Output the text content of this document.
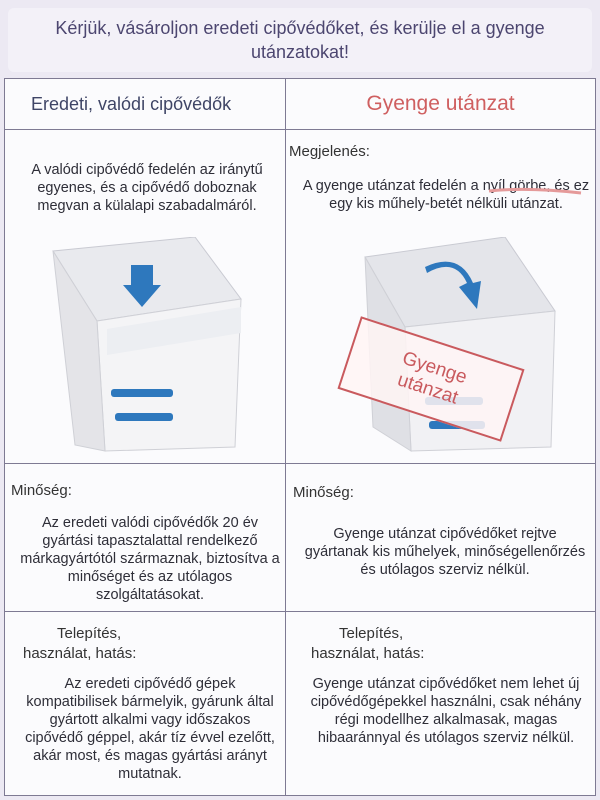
Kérjük, vásároljon eredeti cipővédőket, és kerülje el a gyenge utánzatokat!
Eredeti, valódi cipővédők	Gyenge utánzat
A valódi cipővédő fedelén az iránytű egyenes, és a cipővédő doboznak megvan a külalapi szabadalmáról.
Megjelenés:
A gyenge utánzat fedelén a nyíl görbe, és ez egy kis műhely-betét nélküli utánzat.
Gyenge utánzat
Minőség:
Az eredeti valódi cipővédők 20 év gyártási tapasztalattal rendelkező márkagyártótól származnak, biztosítva a minőséget és az utólagos szolgáltatásokat.
Minőség:
Gyenge utánzat cipővédőket rejtve gyártanak kis műhelyek, minőségellenőrzés és utólagos szerviz nélkül.
Telepítés,
használat, hatás:
Az eredeti cipővédő gépek kompatibilisek bármelyik, gyárunk által gyártott alkalmi vagy időszakos cipővédő géppel, akár tíz évvel ezelőtt, akár most, és magas gyártási arányt mutatnak.
Telepítés,
használat, hatás:
Gyenge utánzat cipővédőket nem lehet új cipővédőgépekkel használni, csak néhány régi modellhez alkalmasak, magas hibaaránnyal és utólagos szerviz nélkül.
